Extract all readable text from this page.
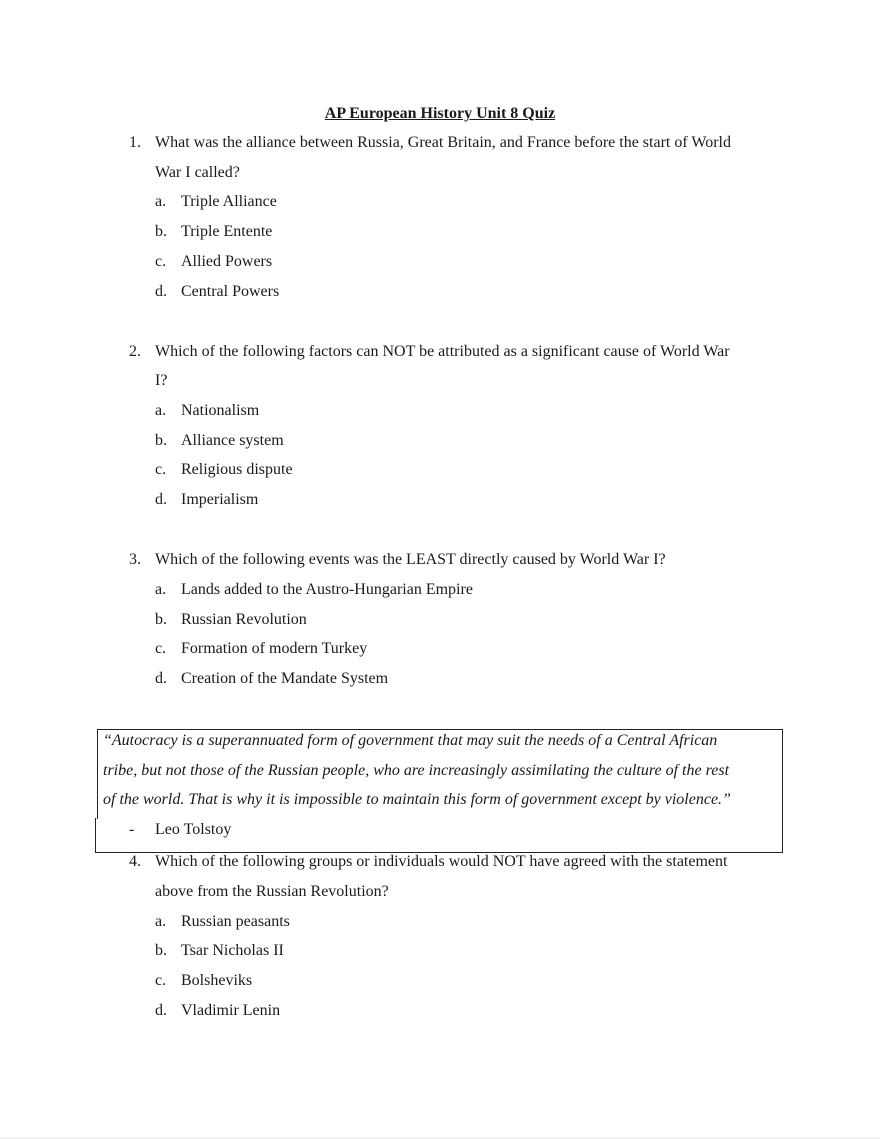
AP European History Unit 8 Quiz
1. What was the alliance between Russia, Great Britain, and France before the start of World
War I called?
a. Triple Alliance
b. Triple Entente
c. Allied Powers
d. Central Powers
2. Which of the following factors can NOT be attributed as a significant cause of World War
I?
a. Nationalism
b. Alliance system
c. Religious dispute
d. Imperialism
3. Which of the following events was the LEAST directly caused by World War I?
a. Lands added to the Austro-Hungarian Empire
b. Russian Revolution
c. Formation of modern Turkey
d. Creation of the Mandate System
“Autocracy is a superannuated form of government that may suit the needs of a Central African
tribe, but not those of the Russian people, who are increasingly assimilating the culture of the rest
of the world. That is why it is impossible to maintain this form of government except by violence.”
- Leo Tolstoy
4. Which of the following groups or individuals would NOT have agreed with the statement
above from the Russian Revolution?
a. Russian peasants
b. Tsar Nicholas II
c. Bolsheviks
d. Vladimir Lenin
